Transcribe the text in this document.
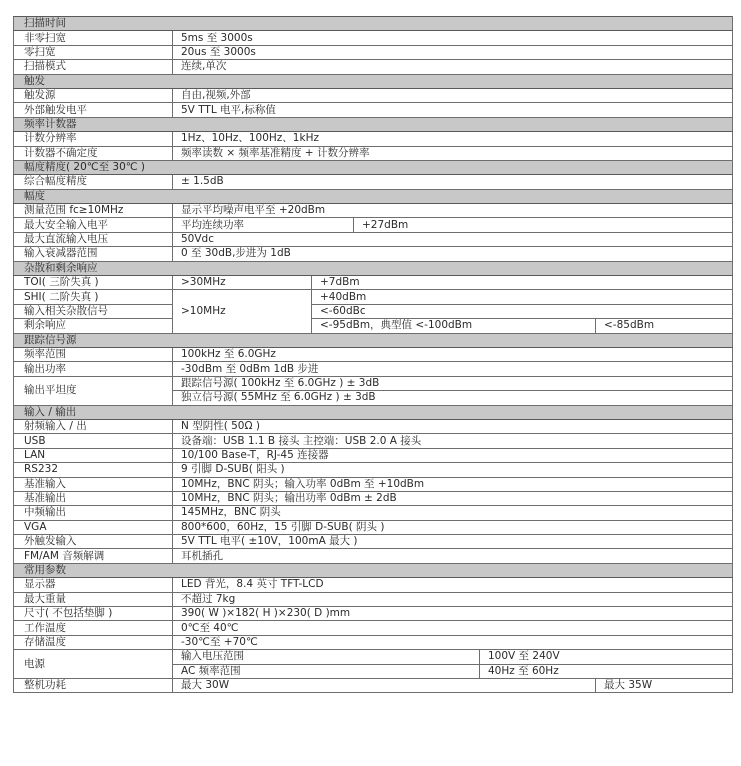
扫描时间					
非零扫宽	5ms 至 3000s				
零扫宽	20us 至 3000s				
扫描模式	连续,单次				
触发					
触发源	自由,视频,外部				
外部触发电平	5V TTL 电平,标称值				
频率计数器					
计数分辨率	1Hz、10Hz、100Hz、1kHz				
计数器不确定度	频率读数 × 频率基准精度 + 计数分辨率				
幅度精度( 20℃至 30℃ )					
综合幅度精度	± 1.5dB				
幅度					
测量范围 fc≥10MHz	显示平均噪声电平至 +20dBm				
最大安全输入电平	平均连续功率		+27dBm		
最大直流输入电压	50Vdc				
输入衰减器范围	0 至 30dB,步进为 1dB				
杂散和剩余响应					
TOI( 三阶失真 )	>30MHz	+7dBm			
SHI( 二阶失真 )	>10MHz	+40dBm			
输入相关杂散信号		<-60dBc			
剩余响应		<-95dBm，典型值 <-100dBm			<-85dBm
跟踪信号源					
频率范围	100kHz 至 6.0GHz				
输出功率	-30dBm 至 0dBm 1dB 步进				
输出平坦度	跟踪信号源( 100kHz 至 6.0GHz ) ± 3dB				
	独立信号源( 55MHz 至 6.0GHz ) ± 3dB				
输入 / 输出					
射频输入 / 出	N 型阴性( 50Ω )				
USB	设备端：USB 1.1 B 接头 主控端：USB 2.0 A 接头				
LAN	10/100 Base-T，RJ-45 连接器				
RS232	9 引脚 D-SUB( 阳头 )				
基准输入	10MHz，BNC 阴头；输入功率 0dBm 至 +10dBm				
基准输出	10MHz，BNC 阴头；输出功率 0dBm ± 2dB				
中频输出	145MHz，BNC 阴头				
VGA	800*600，60Hz，15 引脚 D-SUB( 阴头 )				
外触发输入	5V TTL 电平( ±10V，100mA 最大 )				
FM/AM 音频解调	耳机插孔				
常用参数					
显示器	LED 背光，8.4 英寸 TFT-LCD				
最大重量	不超过 7kg				
尺寸( 不包括垫脚 )	390( W )×182( H )×230( D )mm				
工作温度	0℃至 40℃				
存储温度	-30℃至 +70℃				
电源	输入电压范围			100V 至 240V	
	AC 频率范围			40Hz 至 60Hz	
整机功耗	最大 30W				最大 35W
